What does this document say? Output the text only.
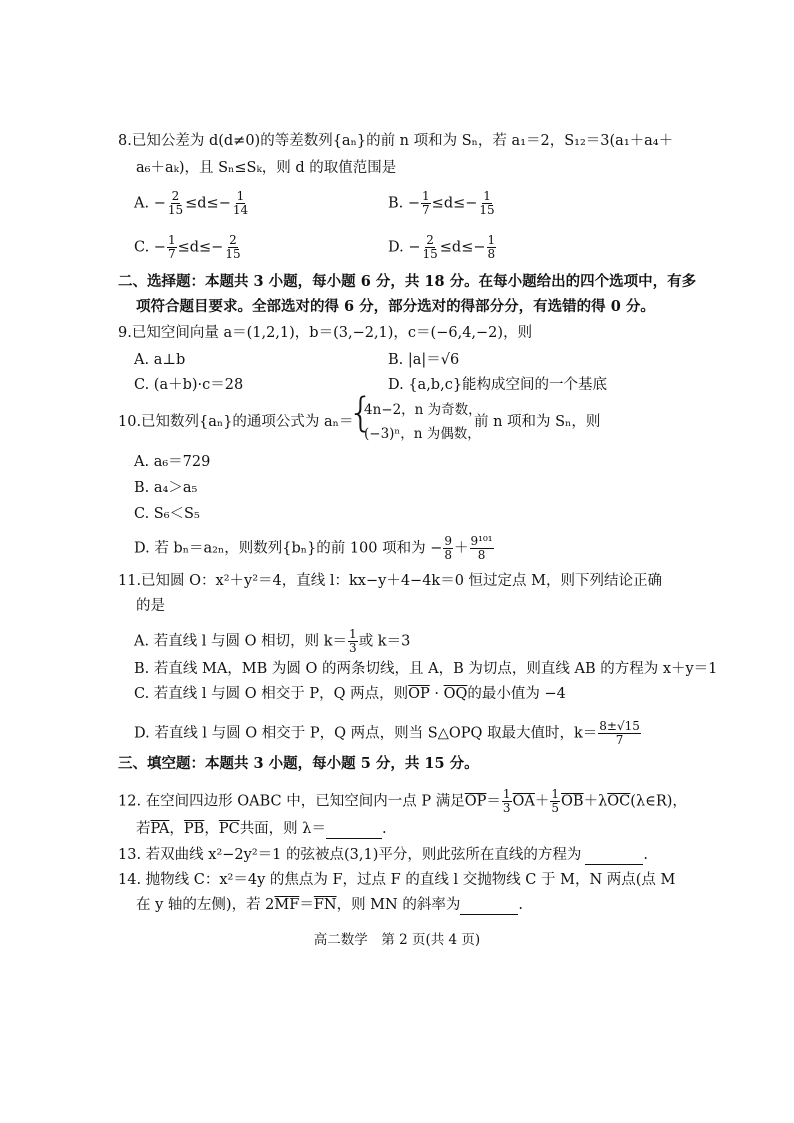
8.已知公差为 d(d≠0)的等差数列{aₙ}的前 n 项和为 Sₙ，若 a₁＝2，S₁₂＝3(a₁＋a₄＋
a₆＋aₖ)，且 Sₙ≤Sₖ，则 d 的取值范围是
A. − $\frac{2}{15} \le d\le- \frac{1}{14}$	B. − $\frac{1}{7} \le d\le- \frac{1}{15}$
C. − $\frac{1}{7} \le d\le- \frac{2}{15}$	D. − $\frac{2}{15} \le d\le- \frac{1}{8}$
二、选择题：本题共 3 小题，每小题 6 分，共 18 分。在每小题给出的四个选项中，有多
项符合题目要求。全部选对的得 6 分，部分选对的得部分分，有选错的得 0 分。
9.已知空间向量 a＝(1,2,1)，b＝(3,−2,1)，c＝(−6,4,−2)，则
A. a⊥b	B. |a|＝√6
C. (a＋b)·c＝28	D. {a,b,c}能构成空间的一个基底
10.已知数列{aₙ}的通项公式为 aₙ＝
{
4n−2，n 为奇数，
(−3)ⁿ，n 为偶数，
前 n 项和为 Sₙ，则
A. a₆＝729
B. a₄＞a₅
C. S₆＜S₅
D. 若 bₙ＝a₂ₙ，则数列{bₙ}的前 100 项和为 − $\frac{9}{8} + \frac{\text{9¹⁰¹}}{8}$
11.已知圆 O：x²＋y²＝4，直线 l：kx−y＋4−4k＝0 恒过定点 M，则下列结论正确
的是
A. 若直线 l 与圆 O 相切，则 $k= \frac{1}{3}$ 或 k＝3
B. 若直线 MA，MB 为圆 O 的两条切线，且 A，B 为切点，则直线 AB 的方程为 x＋y＝1
C. 若直线 l 与圆 O 相交于 P，Q 两点，则$\overline{OP} \cdot \overline{OQ}$的最小值为 −4
D. 若直线 l 与圆 O 相交于 P，Q 两点，则当 S△OPQ 取最大值时，$k= \frac{8\pm√15}{7}$
三、填空题：本题共 3 小题，每小题 5 分，共 15 分。
12. 在空间四边形 OABC 中，已知空间内一点 P 满足$\overline{OP}= \frac{1}{3} \overline{OA}+ \frac{1}{5}$ $\overline{OB}+\lambda\overline{OC}(\lambda\in R)$，
若$\overline{PA}$，$\overline{PB}$，$\overline{PC}$共面，则 λ＝	.
13. 若双曲线 x²−2y²＝1 的弦被点(3,1)平分，则此弦所在直线的方程为	.
14. 抛物线 C：x²＝4y 的焦点为 F，过点 F 的直线 l 交抛物线 C 于 M，N 两点(点 M
在 y 轴的左侧)，若 $2\overline{MF}=\overline{FN}$，则 MN 的斜率为	.
高二数学　第 2 页(共 4 页)
